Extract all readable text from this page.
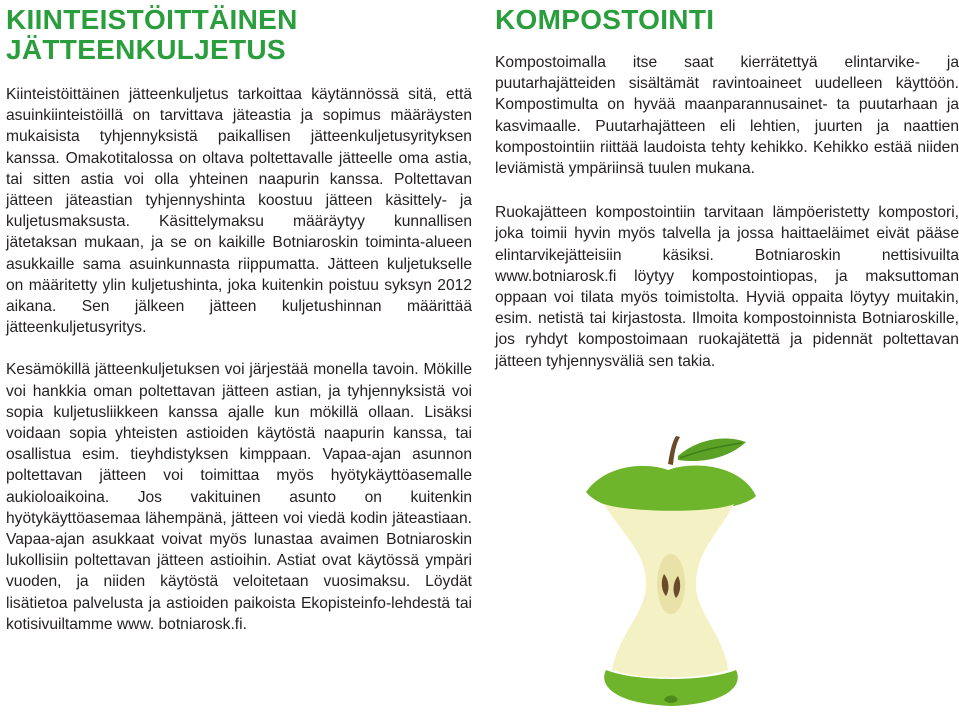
KIINTEISTÖITTÄINEN
JÄTTEENKULJETUS

Kiinteistöittäinen jätteenkuljetus tarkoittaa käytännössä sitä, että asuinkiinteistöillä on tarvittava jäteastia ja sopimus määräysten mukaisista tyhjennyksistä paikallisen jätteenkuljetusyrityksen kanssa. Omakotitalossa on oltava poltettavalle jätteelle oma astia, tai sitten astia voi olla yhteinen naapurin kanssa. Poltettavan jätteen jäteastian tyhjennyshinta koostuu jätteen käsittely- ja kuljetusmaksusta. Käsittelymaksu määräytyy kunnallisen jätetaksan mukaan, ja se on kaikille Botniaroskin toiminta-alueen asukkaille sama asuinkunnasta riippumatta. Jätteen kuljetukselle on määritetty ylin kuljetushinta, joka kuitenkin poistuu syksyn 2012 aikana. Sen jälkeen jätteen kuljetushinnan määrittää jätteenkuljetusyritys.

Kesämökillä jätteenkuljetuksen voi järjestää monella tavoin. Mökille voi hankkia oman poltettavan jätteen astian, ja tyhjennyksistä voi sopia kuljetusliikkeen kanssa ajalle kun mökillä ollaan. Lisäksi voidaan sopia yhteisten astioiden käytöstä naapurin kanssa, tai osallistua esim. tieyhdistyksen kimppaan. Vapaa-ajan asunnon poltettavan jätteen voi toimittaa myös hyötykäyttöasemalle aukioloaikoina. Jos vakituinen asunto on kuitenkin hyötykäyttöasemaa lähempänä, jätteen voi viedä kodin jäteastiaan. Vapaa-ajan asukkaat voivat myös lunastaa avaimen Botniaroskin lukollisiin poltettavan jätteen astioihin. Astiat ovat käytössä ympäri vuoden, ja niiden käytöstä veloitetaan vuosimaksu. Löydät lisätietoa palvelusta ja astioiden paikoista Ekopisteinfo-lehdestä tai kotisivuiltamme www. botniarosk.fi.

KOMPOSTOINTI

Kompostoimalla itse saat kierrätettyä elintarvike- ja puutarhajätteiden sisältämät ravintoaineet uudelleen käyttöön. Kompostimulta on hyvää maanparannusainet- ta puutarhaan ja kasvimaalle. Puutarhajätteen eli lehtien, juurten ja naattien kompostointiin riittää laudoista tehty kehikko. Kehikko estää niiden leviämistä ympäriinsä tuulen mukana.

Ruokajätteen kompostointiin tarvitaan lämpöeristetty kompostori, joka toimii hyvin myös talvella ja jossa haittaeläimet eivät pääse elintarvikejätteisiin käsiksi. Botniaroskin nettisivuilta www.botniarosk.fi löytyy kompostointiopas, ja maksuttoman oppaan voi tilata myös toimistolta. Hyviä oppaita löytyy muitakin, esim. netistä tai kirjastosta. Ilmoita kompostoinnista Botniaroskille, jos ryhdyt kompostoimaan ruokajätettä ja pidennät poltettavan jätteen tyhjennysväliä sen takia.
